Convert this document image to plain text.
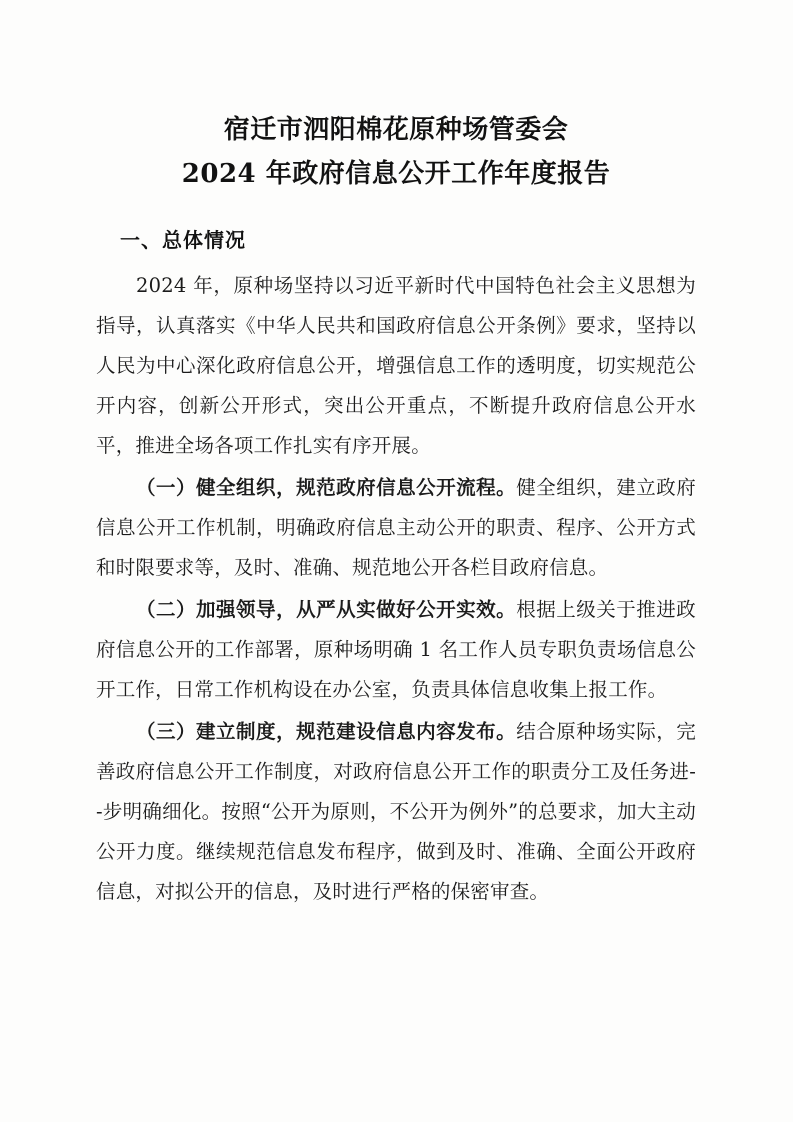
宿迁市泗阳棉花原种场管委会
2024 年政府信息公开工作年度报告
一、总体情况

2024 年，原种场坚持以习近平新时代中国特色社会主义思想为指导，认真落实《中华人民共和国政府信息公开条例》要求，坚持以人民为中心深化政府信息公开，增强信息工作的透明度，切实规范公开内容，创新公开形式，突出公开重点，不断提升政府信息公开水平，推进全场各项工作扎实有序开展。

（一）健全组织，规范政府信息公开流程。健全组织，建立政府信息公开工作机制，明确政府信息主动公开的职责、程序、公开方式和时限要求等，及时、准确、规范地公开各栏目政府信息。

（二）加强领导，从严从实做好公开实效。根据上级关于推进政府信息公开的工作部署，原种场明确 1 名工作人员专职负责场信息公开工作，日常工作机构设在办公室，负责具体信息收集上报工作。

（三）建立制度，规范建设信息内容发布。结合原种场实际，完善政府信息公开工作制度，对政府信息公开工作的职责分工及任务进--步明确细化。按照“公开为原则，不公开为例外”的总要求，加大主动公开力度。继续规范信息发布程序，做到及时、准确、全面公开政府信息，对拟公开的信息，及时进行严格的保密审查。
